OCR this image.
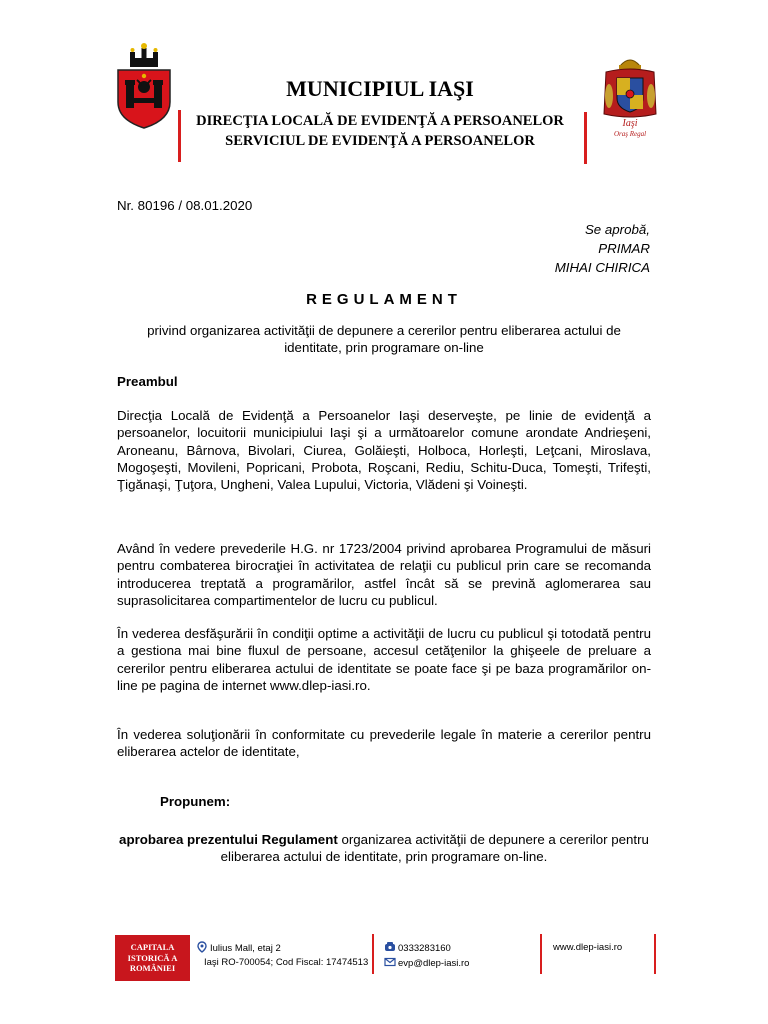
MUNICIPIUL IAŞI
DIRECŢIA LOCALĂ DE EVIDENŢĂ A PERSOANELOR
SERVICIUL DE EVIDENŢĂ A PERSOANELOR
Iaşi
Oraş Regal
Nr. 80196 / 08.01.2020
Se aprobă,
PRIMAR
MIHAI CHIRICA
REGULAMENT
privind organizarea activităţii de depunere a cererilor pentru eliberarea actului de identitate, prin programare on-line
Preambul
Direcţia Locală de Evidenţă a Persoanelor Iaşi deserveşte, pe linie de evidenţă a persoanelor, locuitorii municipiului Iaşi şi a următoarelor comune arondate Andrieşeni, Aroneanu, Bârnova, Bivolari, Ciurea, Golăieşti, Holboca, Horleşti, Leţcani, Miroslava, Mogoşeşti, Movileni, Popricani, Probota, Roşcani, Rediu, Schitu-Duca, Tomeşti, Trifeşti, Ţigănaşi, Ţuţora, Ungheni, Valea Lupului, Victoria, Vlădeni şi Voineşti.
Având în vedere prevederile H.G. nr 1723/2004 privind aprobarea Programului de măsuri pentru combaterea birocraţiei în activitatea de relaţii cu publicul prin care se recomanda introducerea treptată a programărilor, astfel încât să se prevină aglomerarea sau suprasolicitarea compartimentelor de lucru cu publicul.
În vederea desfăşurării în condiţii optime a activităţii de lucru cu publicul şi totodată pentru a gestiona mai bine fluxul de persoane, accesul cetăţenilor la ghişeele de preluare a cererilor pentru eliberarea actului de identitate se poate face şi pe baza programărilor on-line pe pagina de internet www.dlep-iasi.ro.
În vederea soluţionării în conformitate cu prevederile legale în materie a cererilor pentru eliberarea actelor de identitate,
Propunem:
aprobarea prezentului Regulament organizarea activităţii de depunere a cererilor pentru eliberarea actului de identitate, prin programare on-line.
CAPITALA
ISTORICĂ A
ROMÂNIEI
Iulius Mall, etaj 2
Iaşi RO-700054; Cod Fiscal: 17474513
0333283160
evp@dlep-iasi.ro
www.dlep-iasi.ro
